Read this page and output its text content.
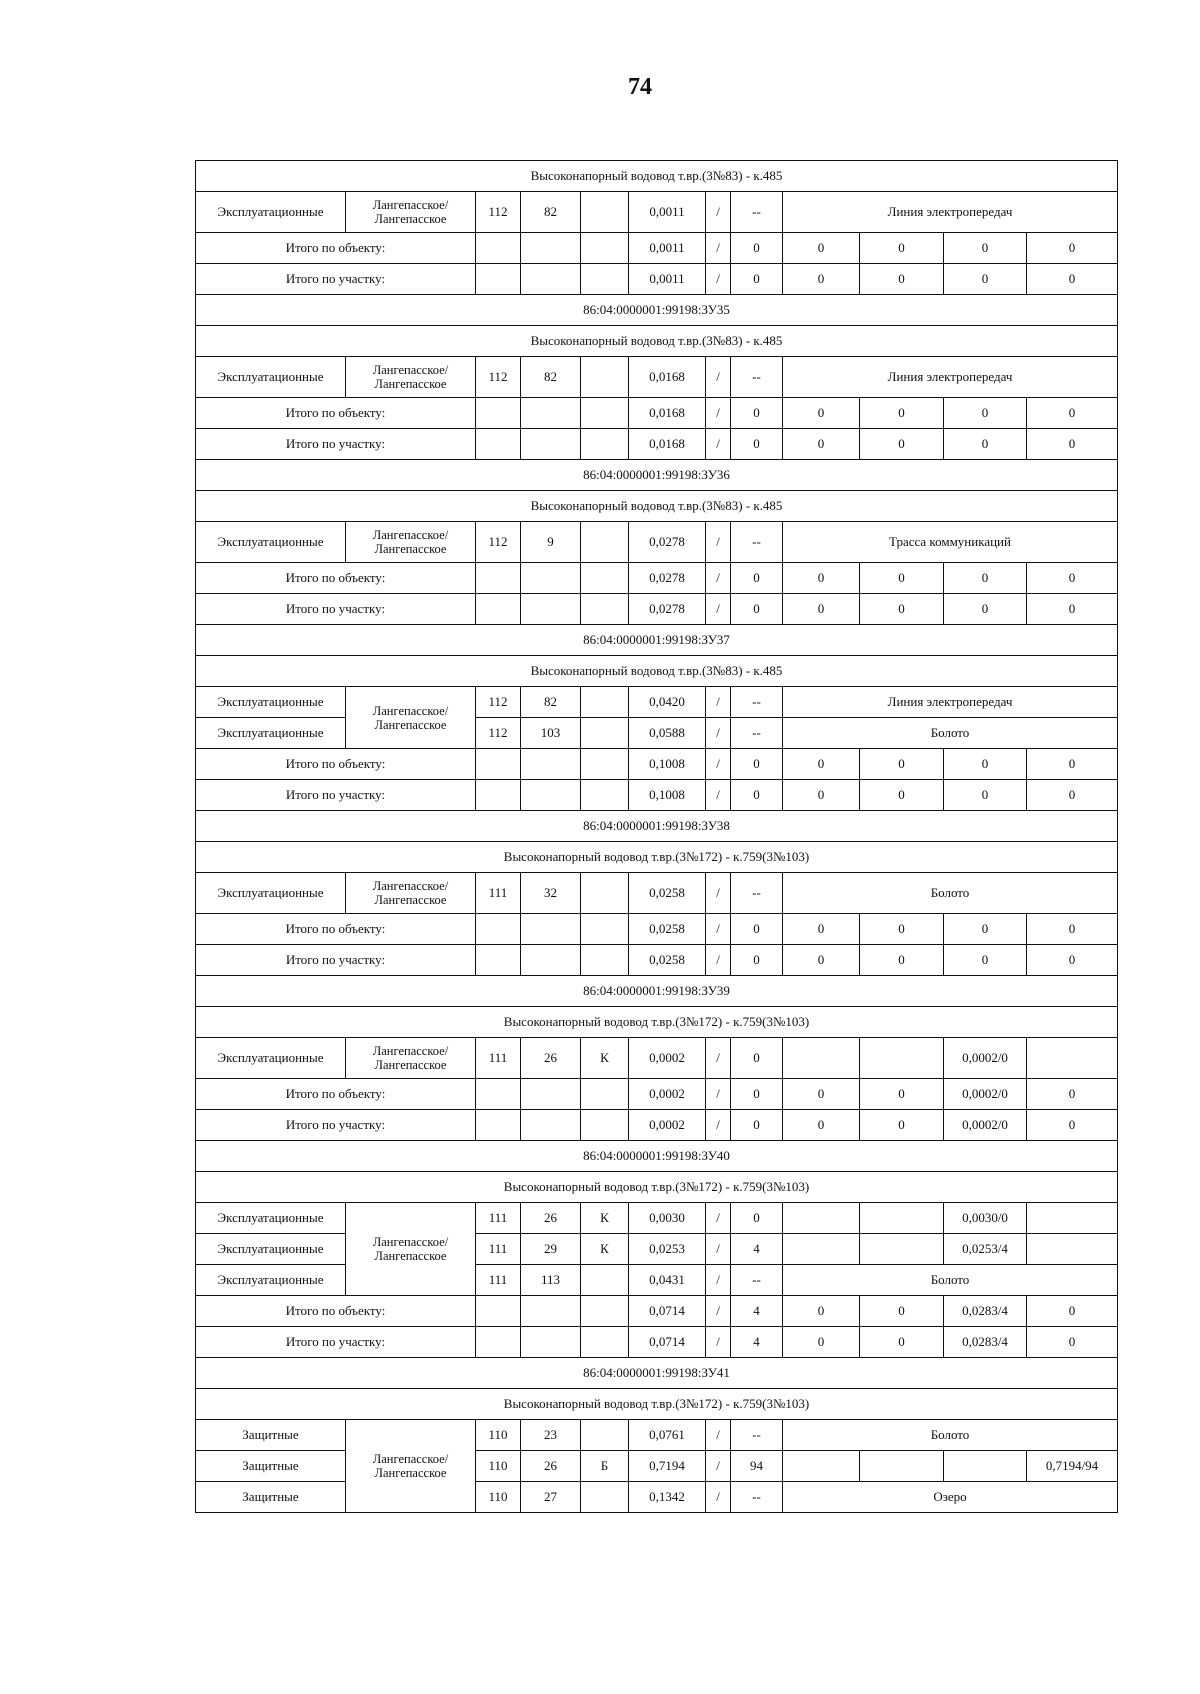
74
Высоконапорный водовод т.вр.(3№83) - к.485											
Эксплуатационные	Лангепасское/ Лангепасское	112	82		0,0011	/	--	Линия электропередач			
Итого по объекту:					0,0011	/	0	0	0	0	0
Итого по участку:					0,0011	/	0	0	0	0	0
86:04:0000001:99198:ЗУ35											
Высоконапорный водовод т.вр.(3№83) - к.485											
Эксплуатационные	Лангепасское/ Лангепасское	112	82		0,0168	/	--	Линия электропередач			
Итого по объекту:					0,0168	/	0	0	0	0	0
Итого по участку:					0,0168	/	0	0	0	0	0
86:04:0000001:99198:ЗУ36											
Высоконапорный водовод т.вр.(3№83) - к.485											
Эксплуатационные	Лангепасское/ Лангепасское	112	9		0,0278	/	--	Трасса коммуникаций			
Итого по объекту:					0,0278	/	0	0	0	0	0
Итого по участку:					0,0278	/	0	0	0	0	0
86:04:0000001:99198:ЗУ37											
Высоконапорный водовод т.вр.(3№83) - к.485											
Эксплуатационные	Лангепасское/ Лангепасское	112	82		0,0420	/	--	Линия электропередач			
Эксплуатационные		112	103		0,0588	/	--	Болото			
Итого по объекту:					0,1008	/	0	0	0	0	0
Итого по участку:					0,1008	/	0	0	0	0	0
86:04:0000001:99198:ЗУ38											
Высоконапорный водовод т.вр.(3№172) - к.759(3№103)											
Эксплуатационные	Лангепасское/ Лангепасское	111	32		0,0258	/	--	Болото			
Итого по объекту:					0,0258	/	0	0	0	0	0
Итого по участку:					0,0258	/	0	0	0	0	0
86:04:0000001:99198:ЗУ39											
Высоконапорный водовод т.вр.(3№172) - к.759(3№103)											
Эксплуатационные	Лангепасское/ Лангепасское	111	26	К	0,0002	/	0			0,0002/0	
Итого по объекту:					0,0002	/	0	0	0	0,0002/0	0
Итого по участку:					0,0002	/	0	0	0	0,0002/0	0
86:04:0000001:99198:ЗУ40											
Высоконапорный водовод т.вр.(3№172) - к.759(3№103)											
Эксплуатационные	Лангепасское/ Лангепасское	111	26	К	0,0030	/	0			0,0030/0	
Эксплуатационные		111	29	К	0,0253	/	4			0,0253/4	
Эксплуатационные		111	113		0,0431	/	--	Болото			
Итого по объекту:					0,0714	/	4	0	0	0,0283/4	0
Итого по участку:					0,0714	/	4	0	0	0,0283/4	0
86:04:0000001:99198:ЗУ41											
Высоконапорный водовод т.вр.(3№172) - к.759(3№103)											
Защитные	Лангепасское/ Лангепасское	110	23		0,0761	/	--	Болото			
Защитные		110	26	Б	0,7194	/	94				0,7194/94
Защитные		110	27		0,1342	/	--	Озеро			
